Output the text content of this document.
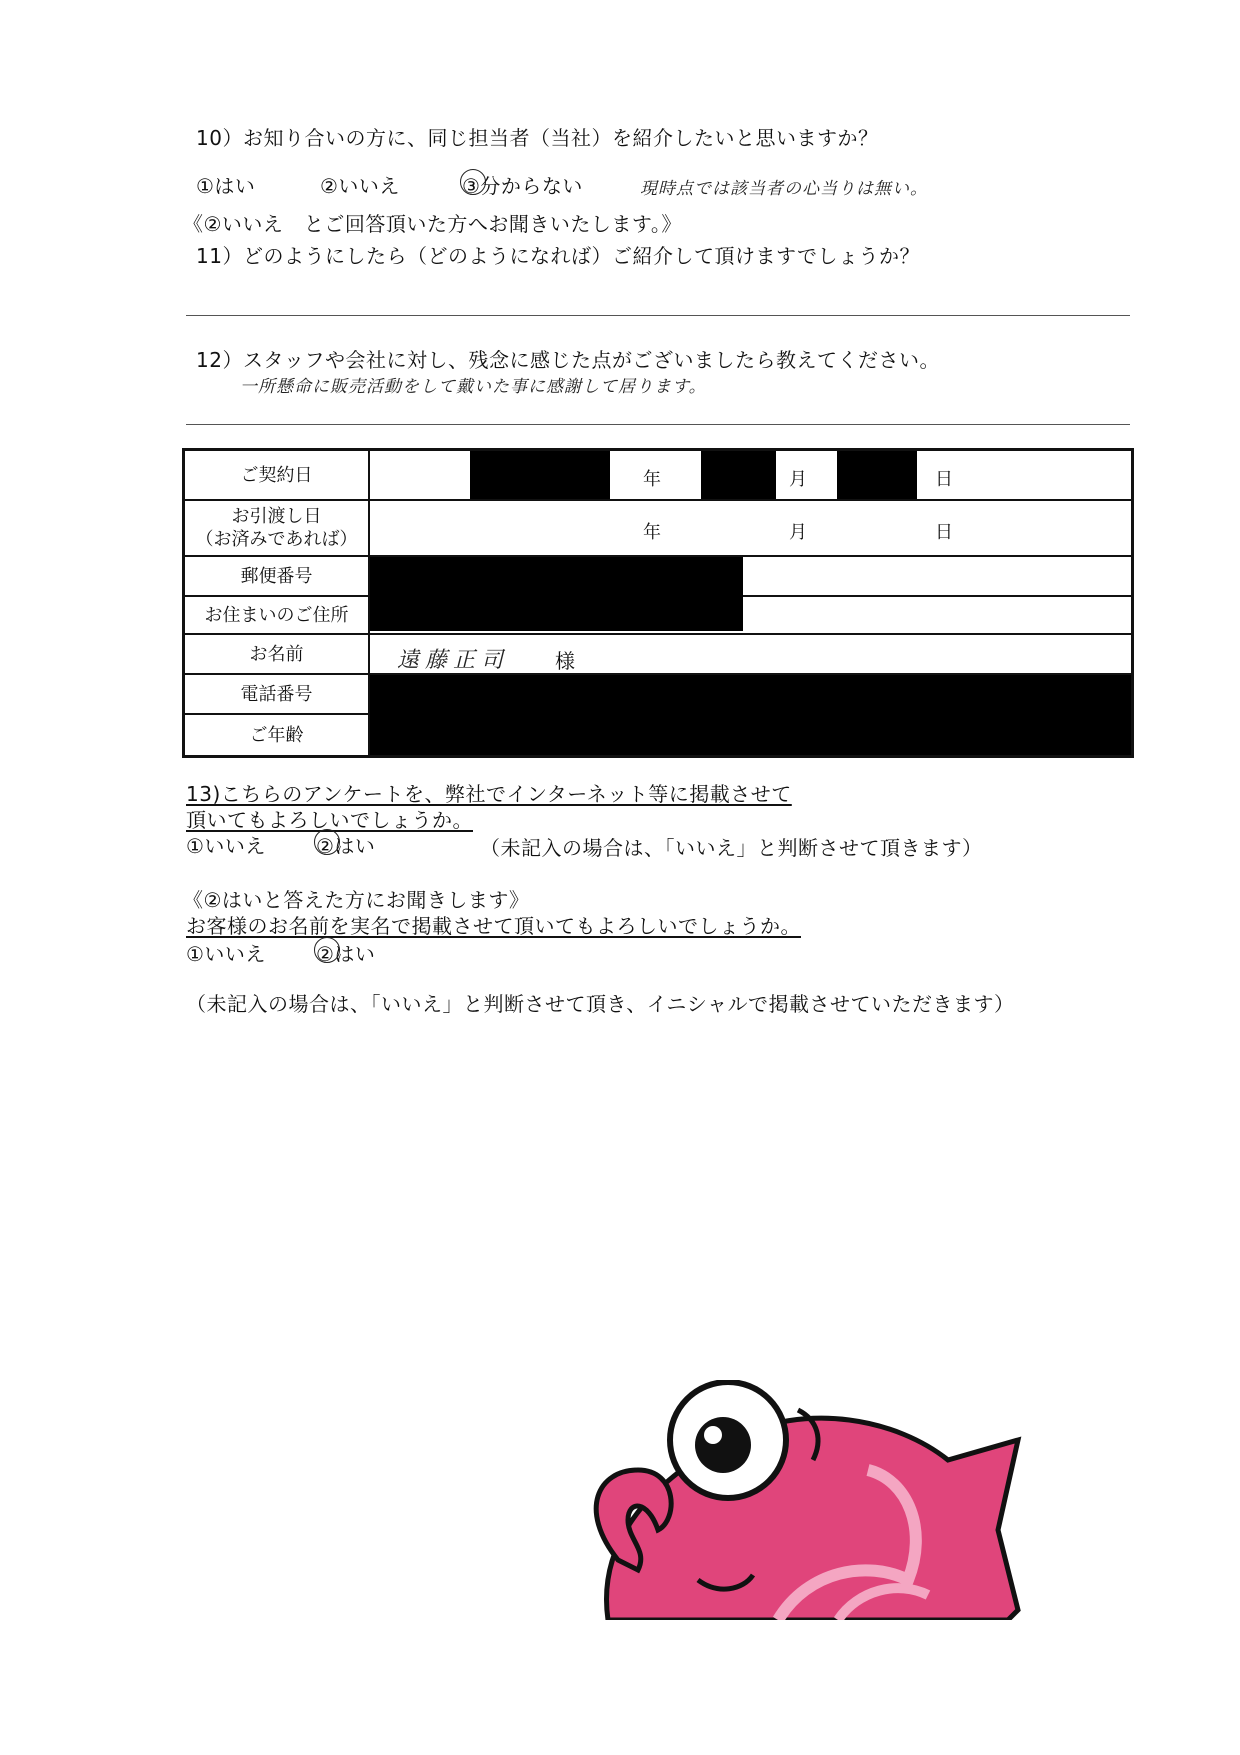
10）お知り合いの方に、同じ担当者（当社）を紹介したいと思いますか？
①はい	②いいえ	③分からない	現時点では該当者の心当りは無い。
《②いいえ　とご回答頂いた方へお聞きいたします。》
11）どのようにしたら（どのようになれば）ご紹介して頂けますでしょうか？
12）スタッフや会社に対し、残念に感じた点がございましたら教えてください。
一所懸命に販売活動をして戴いた事に感謝して居ります。
ご契約日	年	月	日
お引渡し日
（お済みであれば）	年	月	日
郵便番号
お住まいのご住所
お名前	遠藤正司 様
電話番号
ご年齢
13)こちらのアンケートを、弊社でインターネット等に掲載させて
頂いてもよろしいでしょうか。
①いいえ	②はい	（未記入の場合は、「いいえ」と判断させて頂きます）
《②はいと答えた方にお聞きします》
お客様のお名前を実名で掲載させて頂いてもよろしいでしょうか。
①いいえ	②はい
（未記入の場合は、「いいえ」と判断させて頂き、イニシャルで掲載させていただきます）
